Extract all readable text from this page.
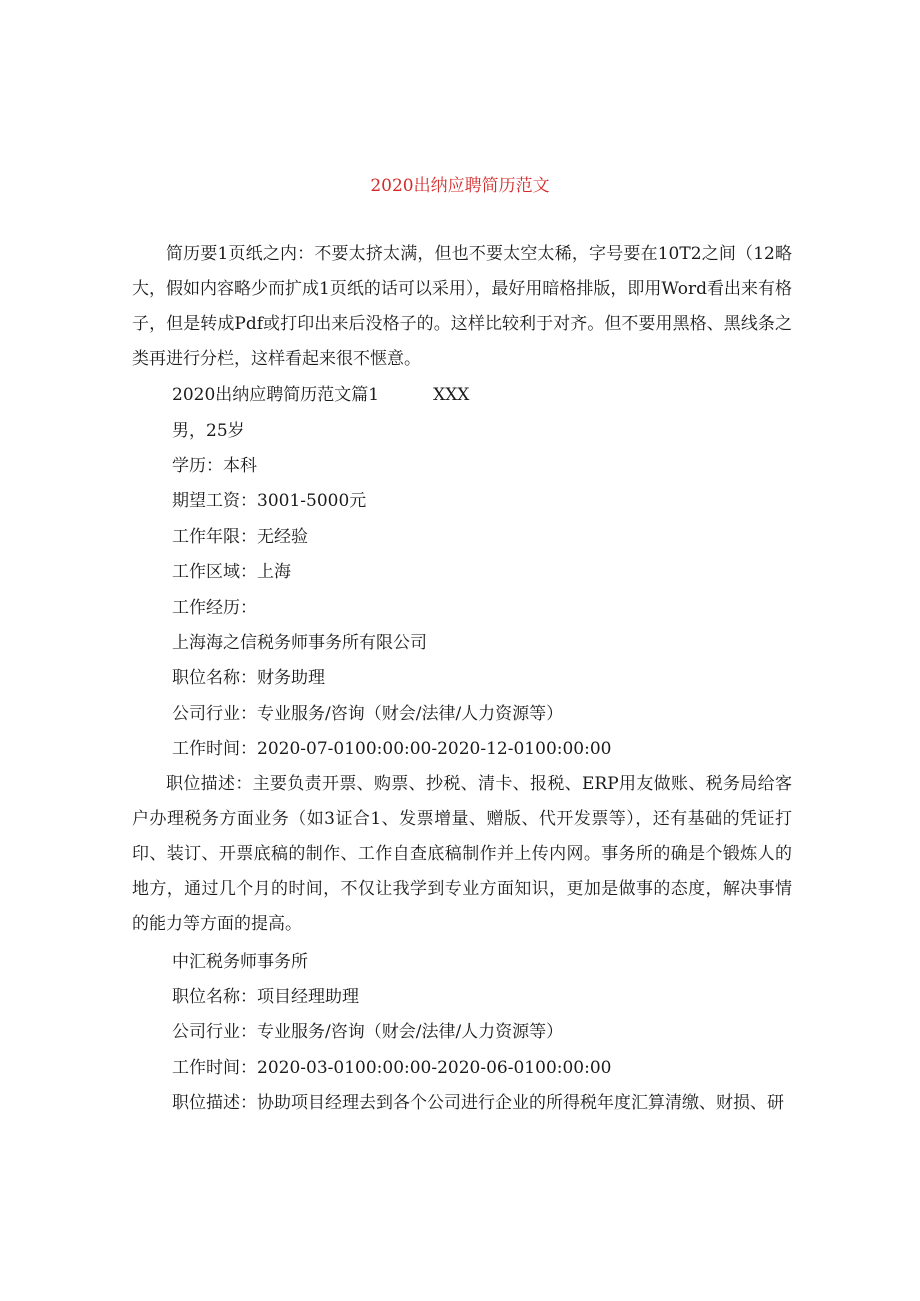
2020出纳应聘简历范文

简历要1页纸之内：不要太挤太满，但也不要太空太稀，字号要在10T2之间（12略大，假如内容略少而扩成1页纸的话可以采用），最好用暗格排版，即用Word看出来有格子，但是转成Pdf或打印出来后没格子的。这样比较利于对齐。但不要用黑格、黑线条之类再进行分栏，这样看起来很不惬意。

2020出纳应聘简历范文篇1	XXX

男，25岁

学历：本科

期望工资：3001-5000元

工作年限：无经验

工作区域：上海

工作经历：

上海海之信税务师事务所有限公司

职位名称：财务助理

公司行业：专业服务/咨询（财会/法律/人力资源等）

工作时间：2020-07-0100:00:00-2020-12-0100:00:00

职位描述：主要负责开票、购票、抄税、清卡、报税、ERP用友做账、税务局给客户办理税务方面业务（如3证合1、发票增量、赠版、代开发票等），还有基础的凭证打印、装订、开票底稿的制作、工作自查底稿制作并上传内网。事务所的确是个锻炼人的地方，通过几个月的时间，不仅让我学到专业方面知识，更加是做事的态度，解决事情的能力等方面的提高。

中汇税务师事务所

职位名称：项目经理助理

公司行业：专业服务/咨询（财会/法律/人力资源等）

工作时间：2020-03-0100:00:00-2020-06-0100:00:00

职位描述：协助项目经理去到各个公司进行企业的所得税年度汇算清缴、财损、研
